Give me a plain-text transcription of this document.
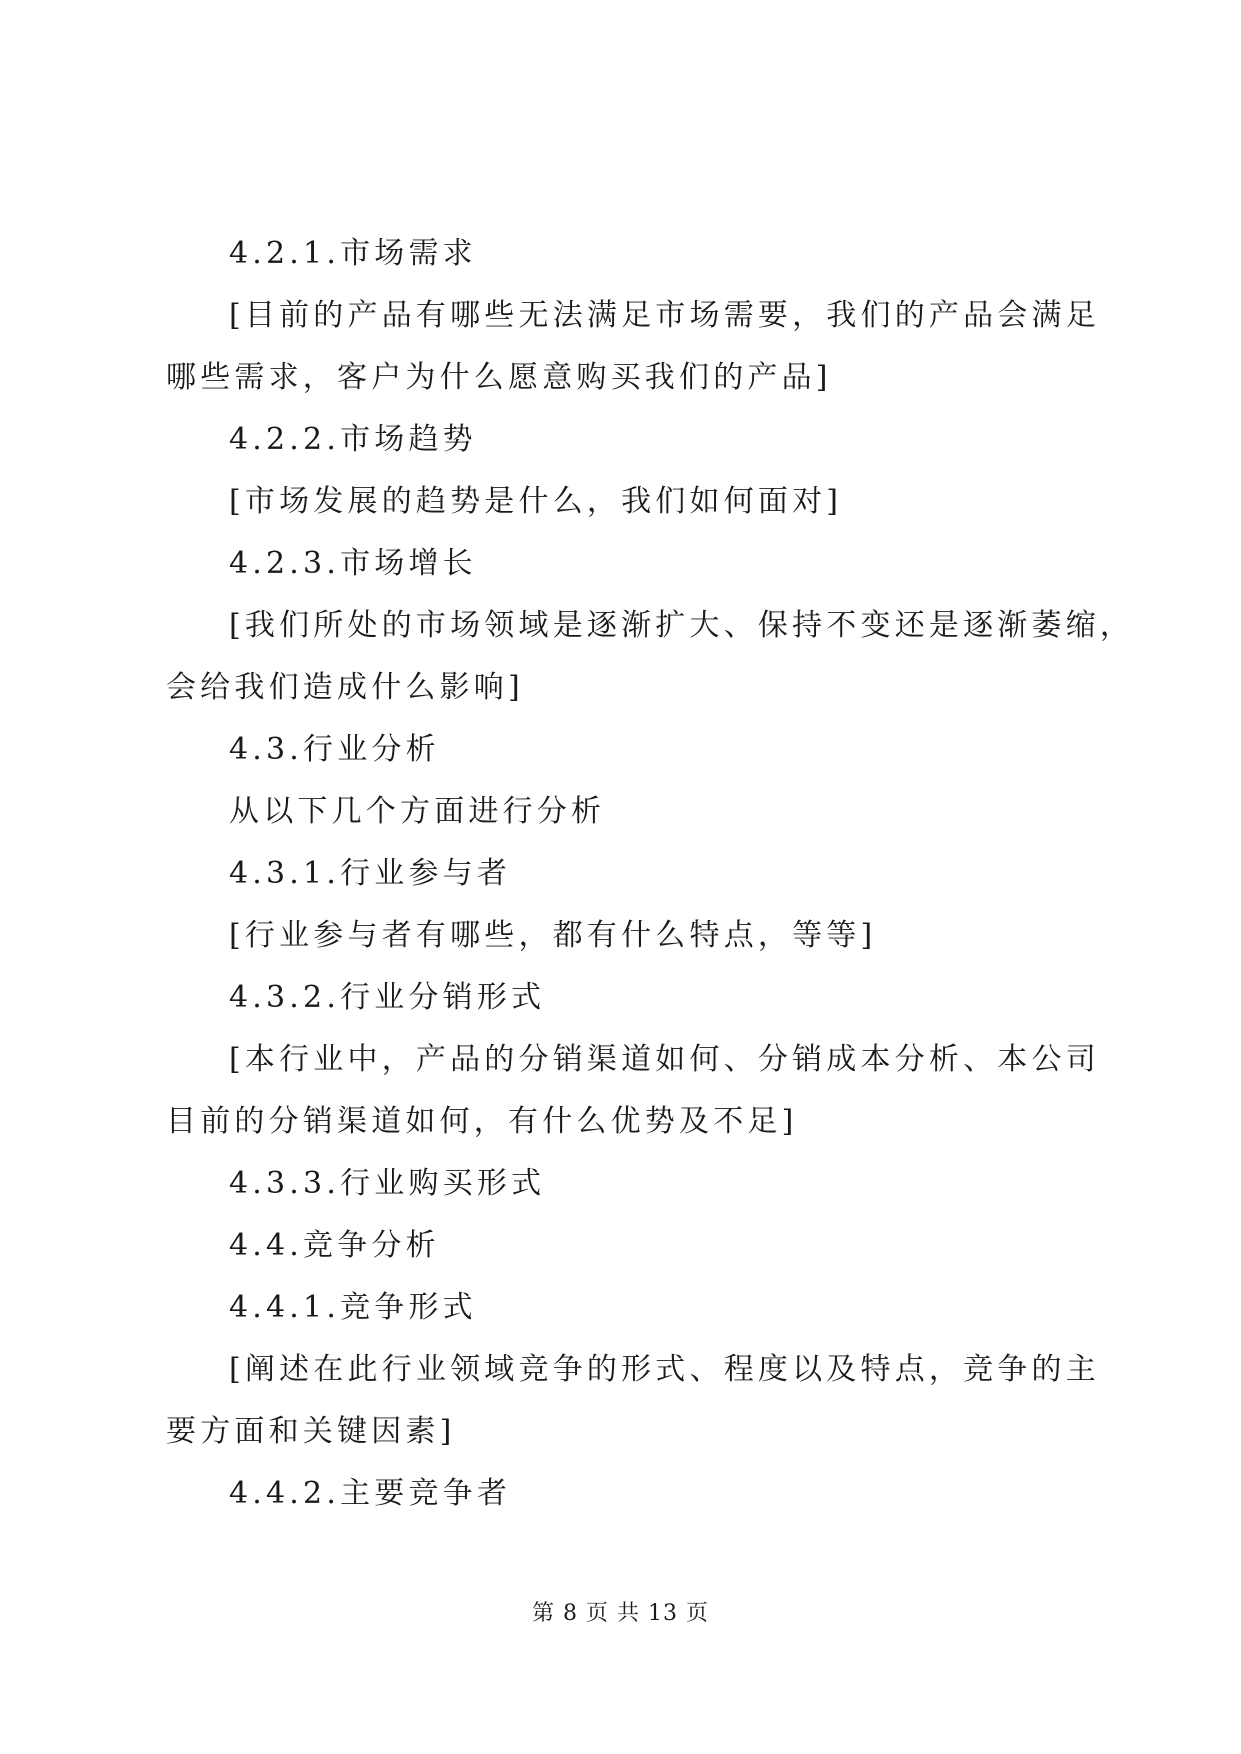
4.2.1.市场需求
[目前的产品有哪些无法满足市场需要，我们的产品会满足
哪些需求，客户为什么愿意购买我们的产品]
4.2.2.市场趋势
[市场发展的趋势是什么，我们如何面对]
4.2.3.市场增长
[我们所处的市场领域是逐渐扩大、保持不变还是逐渐萎缩，
会给我们造成什么影响]
4.3.行业分析
从以下几个方面进行分析
4.3.1.行业参与者
[行业参与者有哪些，都有什么特点，等等]
4.3.2.行业分销形式
[本行业中，产品的分销渠道如何、分销成本分析、本公司
目前的分销渠道如何，有什么优势及不足]
4.3.3.行业购买形式
4.4.竞争分析
4.4.1.竞争形式
[阐述在此行业领域竞争的形式、程度以及特点，竞争的主
要方面和关键因素]
4.4.2.主要竞争者
第 8 页 共 13 页
